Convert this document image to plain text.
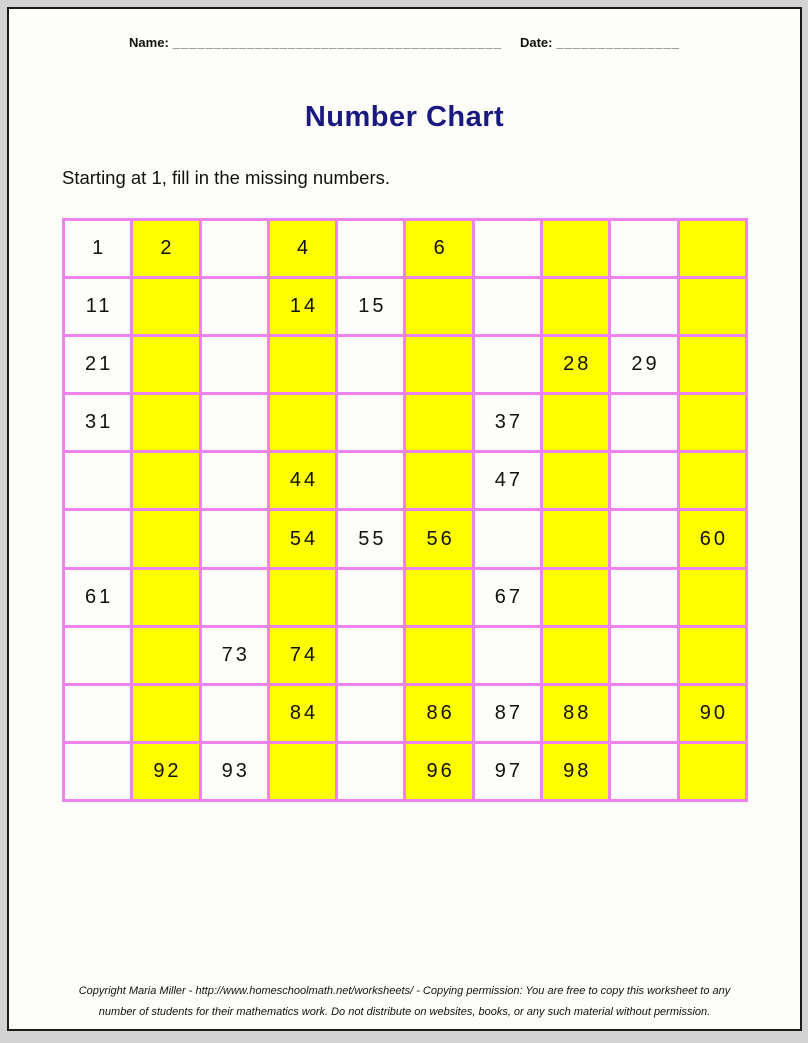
Name: ________________________________________ Date: _______________
Number Chart

Starting at 1, fill in the missing numbers.

1	2		4		6				
11			14	15					
21							28	29	
31						37			
			44			47			
			54	55	56				60
61						67			
		73	74						
			84		86	87	88		90
	92	93			96	97	98		
Copyright Maria Miller - http://www.homeschoolmath.net/worksheets/ - Copying permission: You are free to copy this worksheet to any number of students for their mathematics work. Do not distribute on websites, books, or any such material without permission.
